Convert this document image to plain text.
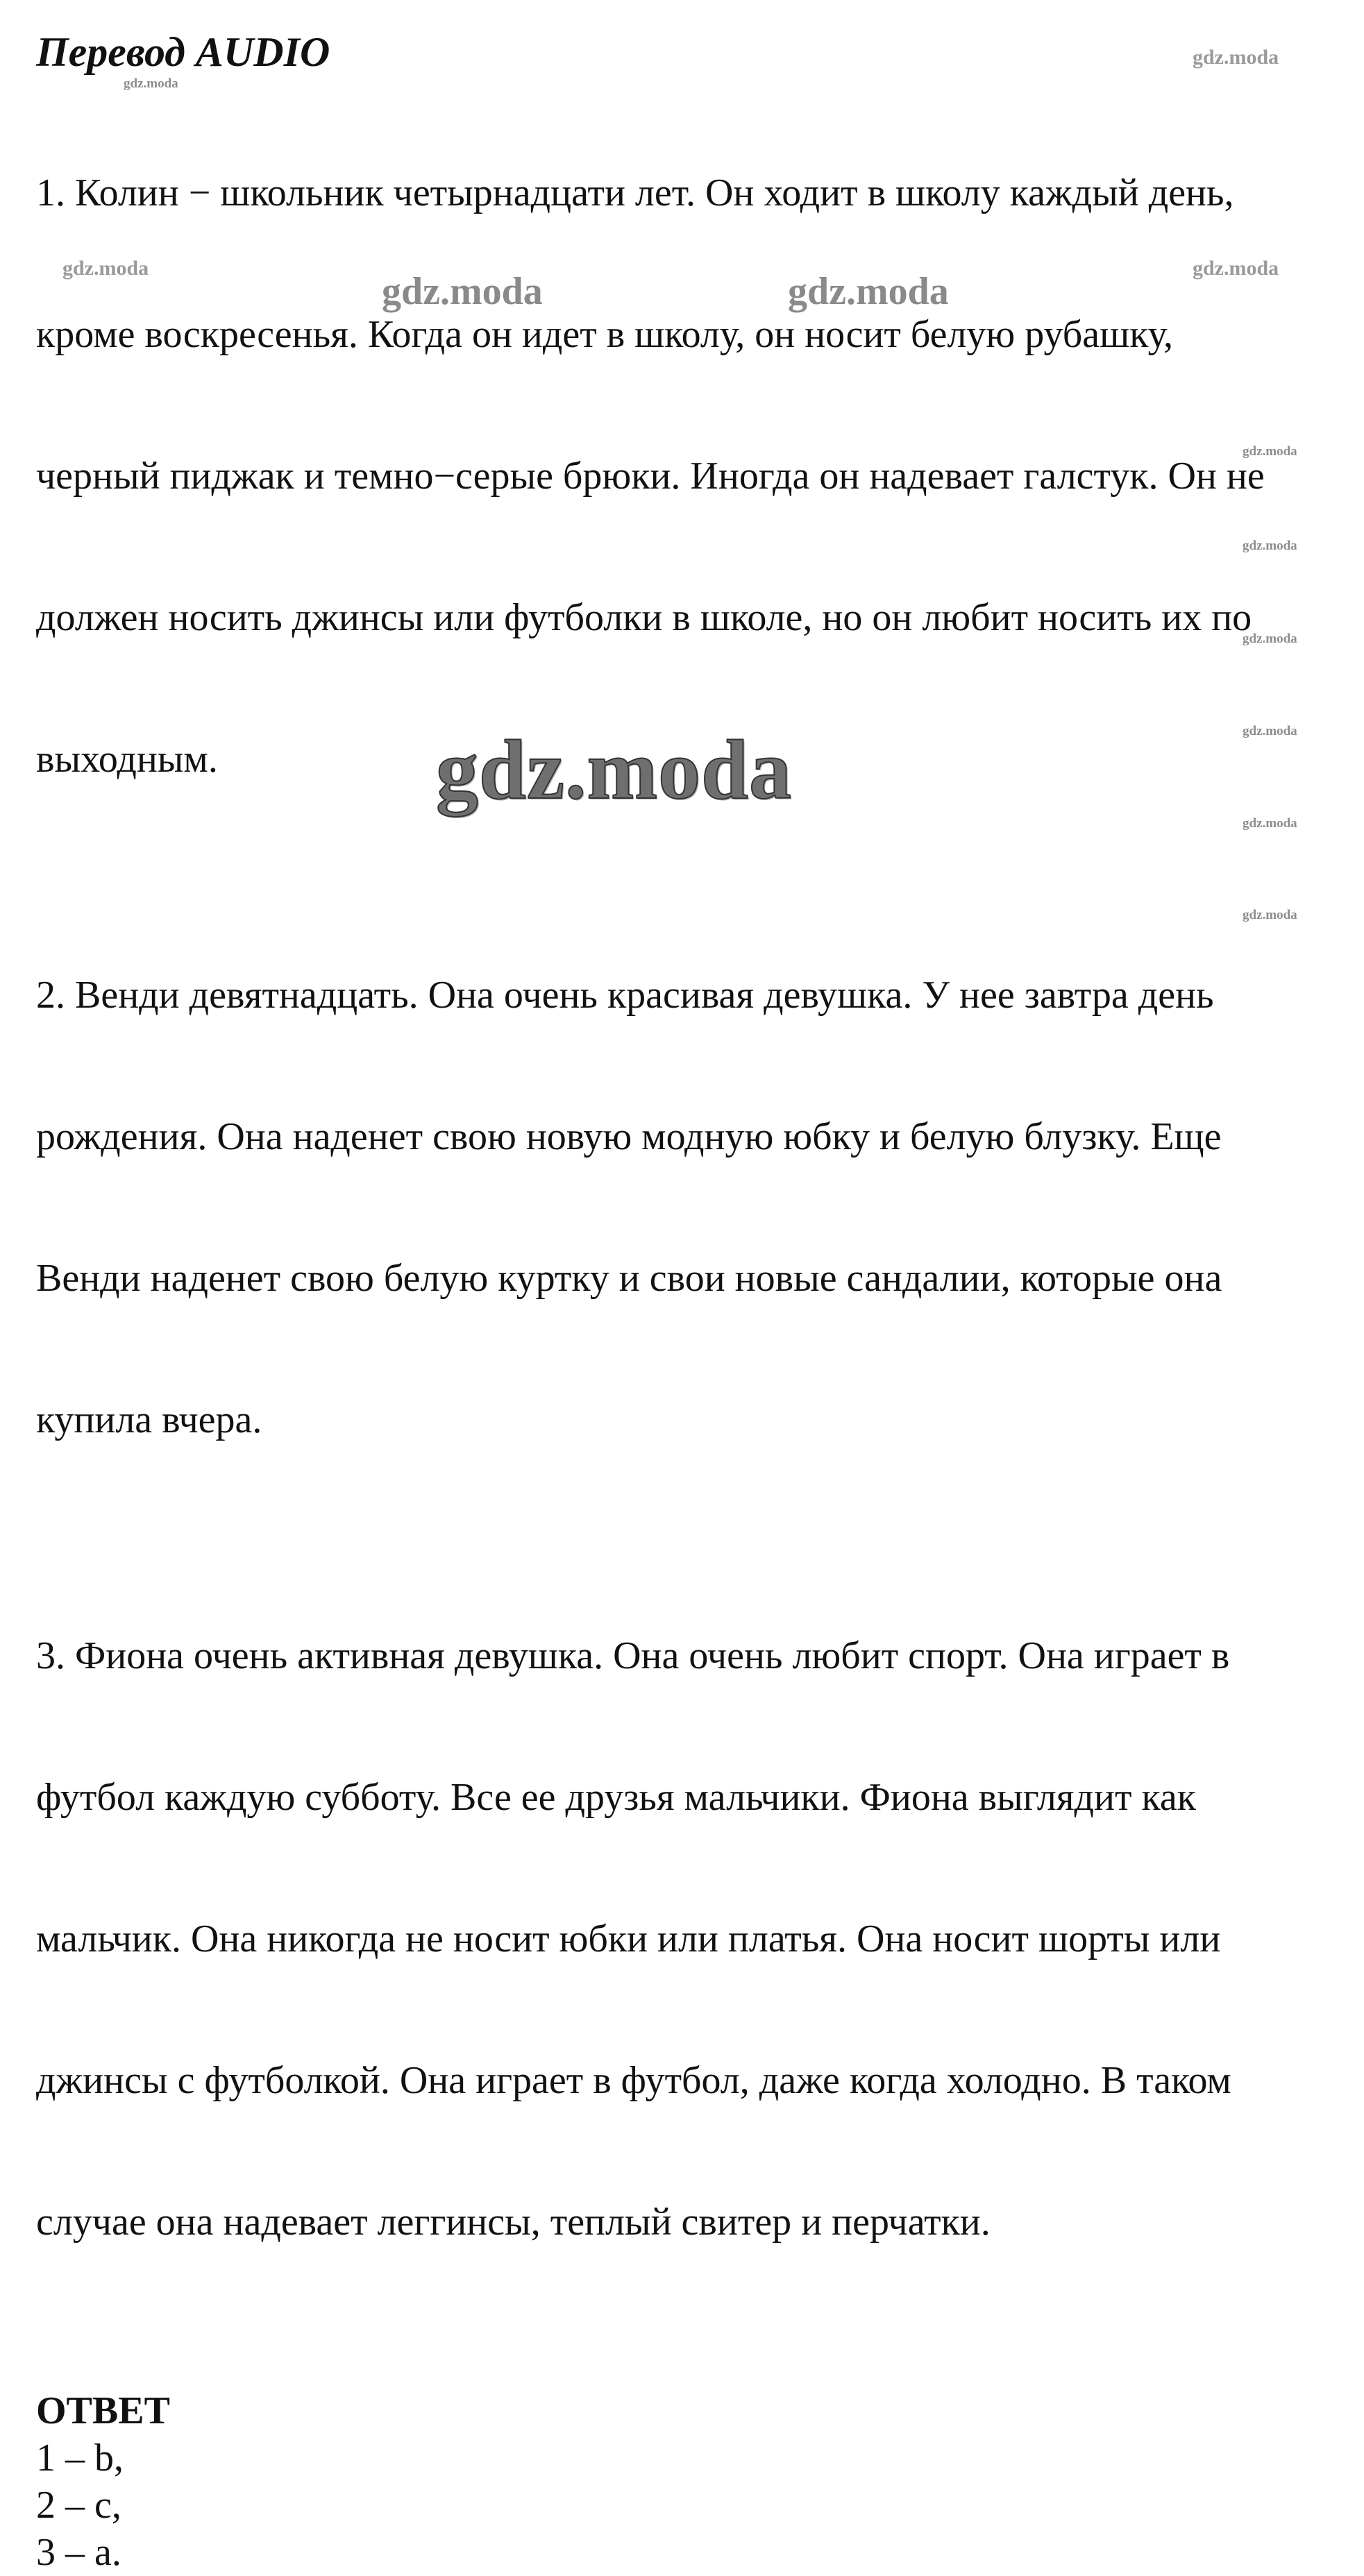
Перевод AUDIO

1. Колин − школьник четырнадцати лет. Он ходит в школу каждый день,

кроме воскресенья. Когда он идет в школу, он носит белую рубашку,

черный пиджак и темно−серые брюки. Иногда он надевает галстук. Он не

должен носить джинсы или футболки в школе, но он любит носить их по

выходным.

2. Венди девятнадцать. Она очень красивая девушка. У нее завтра день

рождения. Она наденет свою новую модную юбку и белую блузку. Еще

Венди наденет свою белую куртку и свои новые сандалии, которые она

купила вчера.

3. Фиона очень активная девушка. Она очень любит спорт. Она играет в

футбол каждую субботу. Все ее друзья мальчики. Фиона выглядит как

мальчик. Она никогда не носит юбки или платья. Она носит шорты или

джинсы с футболкой. Она играет в футбол, даже когда холодно. В таком

случае она надевает леггинсы, теплый свитер и перчатки.

ОТВЕТ

1 – b,

2 – c,

3 – a.

gdz.moda
gdz.moda
gdz.moda	gdz.moda
gdz.moda	gdz.moda
gdz.moda
gdz.moda
gdz.moda
gdz.moda
gdz.moda
gdz.moda
gdz.moda
